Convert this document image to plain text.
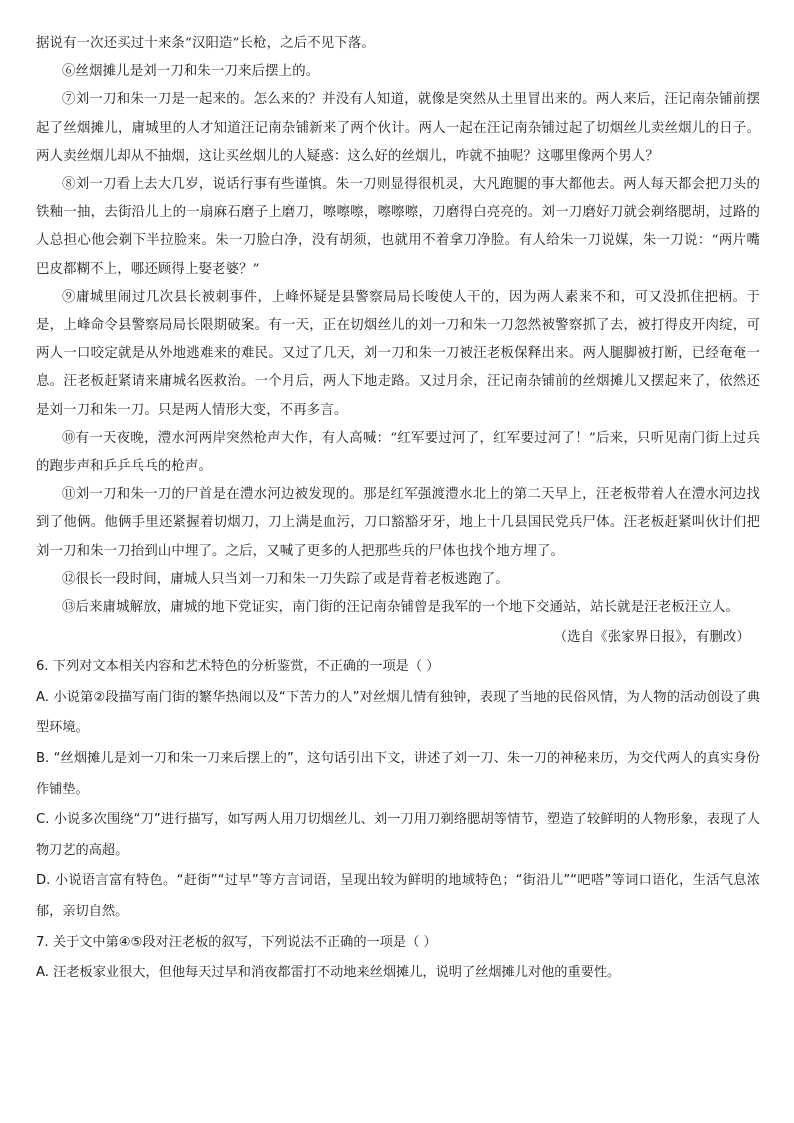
据说有一次还买过十来条“汉阳造”长枪，之后不见下落。

⑥丝烟摊儿是刘一刀和朱一刀来后摆上的。

⑦刘一刀和朱一刀是一起来的。怎么来的？并没有人知道，就像是突然从土里冒出来的。两人来后，汪记南杂铺前摆起了丝烟摊儿，庸城里的人才知道汪记南杂铺新来了两个伙计。两人一起在汪记南杂铺过起了切烟丝儿卖丝烟儿的日子。两人卖丝烟儿却从不抽烟，这让买丝烟儿的人疑惑：这么好的丝烟儿，咋就不抽呢？这哪里像两个男人？

⑧刘一刀看上去大几岁，说话行事有些谨慎。朱一刀则显得很机灵，大凡跑腿的事大都他去。两人每天都会把刀头的铁釉一抽，去街沿儿上的一扇麻石磨子上磨刀，嚓嚓嚓，嚓嚓嚓，刀磨得白亮亮的。刘一刀磨好刀就会剃络腮胡，过路的人总担心他会剃下半拉脸来。朱一刀脸白净，没有胡须，也就用不着拿刀净脸。有人给朱一刀说媒，朱一刀说：“两片嘴巴皮都糊不上，哪还顾得上娶老婆？”

⑨庸城里闹过几次县长被刺事件，上峰怀疑是县警察局局长唆使人干的，因为两人素来不和，可又没抓住把柄。于是，上峰命令县警察局局长限期破案。有一天，正在切烟丝儿的刘一刀和朱一刀忽然被警察抓了去，被打得皮开肉绽，可两人一口咬定就是从外地逃难来的难民。又过了几天，刘一刀和朱一刀被汪老板保释出来。两人腿脚被打断，已经奄奄一息。汪老板赶紧请来庸城名医救治。一个月后，两人下地走路。又过月余，汪记南杂铺前的丝烟摊儿又摆起来了，依然还是刘一刀和朱一刀。只是两人情形大变，不再多言。

⑩有一天夜晚，澧水河两岸突然枪声大作，有人高喊：“红军要过河了，红军要过河了！”后来，只听见南门街上过兵的跑步声和乒乒乓乓的枪声。

⑪刘一刀和朱一刀的尸首是在澧水河边被发现的。那是红军强渡澧水北上的第二天早上，汪老板带着人在澧水河边找到了他俩。他俩手里还紧握着切烟刀，刀上满是血污，刀口豁豁牙牙，地上十几县国民党兵尸体。汪老板赶紧叫伙计们把刘一刀和朱一刀抬到山中埋了。之后，又喊了更多的人把那些兵的尸体也找个地方埋了。

⑫很长一段时间，庸城人只当刘一刀和朱一刀失踪了或是背着老板逃跑了。

⑬后来庸城解放，庸城的地下党证实，南门街的汪记南杂铺曾是我军的一个地下交通站，站长就是汪老板汪立人。

（选自《张家界日报》，有删改）

6. 下列对文本相关内容和艺术特色的分析鉴赏，不正确的一项是（ ）

A. 小说第②段描写南门街的繁华热闹以及“下苦力的人”对丝烟儿情有独钟，表现了当地的民俗风情，为人物的活动创设了典型环境。

B. “丝烟摊儿是刘一刀和朱一刀来后摆上的”，这句话引出下文，讲述了刘一刀、朱一刀的神秘来历，为交代两人的真实身份作铺垫。

C. 小说多次围绕“刀”进行描写，如写两人用刀切烟丝儿、刘一刀用刀剃络腮胡等情节，塑造了较鲜明的人物形象，表现了人物刀艺的高超。

D. 小说语言富有特色。“赶街”“过早”等方言词语，呈现出较为鲜明的地域特色；“街沿儿”“吧嗒”等词口语化，生活气息浓郁，亲切自然。

7. 关于文中第④⑤段对汪老板的叙写，下列说法不正确的一项是（ ）

A. 汪老板家业很大，但他每天过早和消夜都雷打不动地来丝烟摊儿，说明了丝烟摊儿对他的重要性。
